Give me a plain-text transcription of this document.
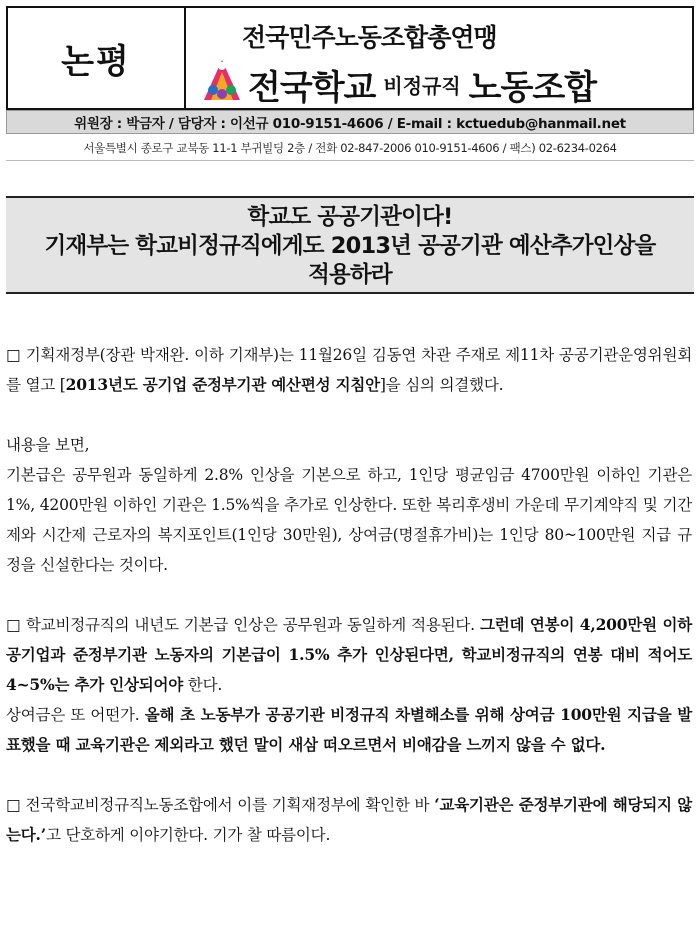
논평
전국민주노동조합총연맹
전국학교 비정규직 노동조합
위원장 : 박금자 / 담당자 : 이선규 010-9151-4606 / E-mail : kctuedub@hanmail.net
서울특별시 종로구 교북동 11-1 부귀빌딩 2층 / 전화 02-847-2006 010-9151-4606 / 팩스) 02-6234-0264
학교도 공공기관이다!
기재부는 학교비정규직에게도 2013년 공공기관 예산추가인상을
적용하라

□ 기획재정부(장관 박재완. 이하 기재부)는 11월26일 김동연 차관 주재로 제11차 공공기관운영위원회를 열고 [2013년도 공기업 준정부기관 예산편성 지침안]을 심의 의결했다.

내용을 보면,

기본급은 공무원과 동일하게 2.8% 인상을 기본으로 하고, 1인당 평균임금 4700만원 이하인 기관은 1%, 4200만원 이하인 기관은 1.5%씩을 추가로 인상한다. 또한 복리후생비 가운데 무기계약직 및 기간제와 시간제 근로자의 복지포인트(1인당 30만원), 상여금(명절휴가비)는 1인당 80~100만원 지급 규정을 신설한다는 것이다.

□ 학교비정규직의 내년도 기본급 인상은 공무원과 동일하게 적용된다. 그런데 연봉이 4,200만원 이하 공기업과 준정부기관 노동자의 기본급이 1.5% 추가 인상된다면, 학교비정규직의 연봉 대비 적어도 4~5%는 추가 인상되어야 한다.

상여금은 또 어떤가. 올해 초 노동부가 공공기관 비정규직 차별해소를 위해 상여금 100만원 지급을 발표했을 때 교육기관은 제외라고 했던 말이 새삼 떠오르면서 비애감을 느끼지 않을 수 없다.

□ 전국학교비정규직노동조합에서 이를 기획재정부에 확인한 바 ‘교육기관은 준정부기관에 해당되지 않는다.’고 단호하게 이야기한다. 기가 찰 따름이다.
